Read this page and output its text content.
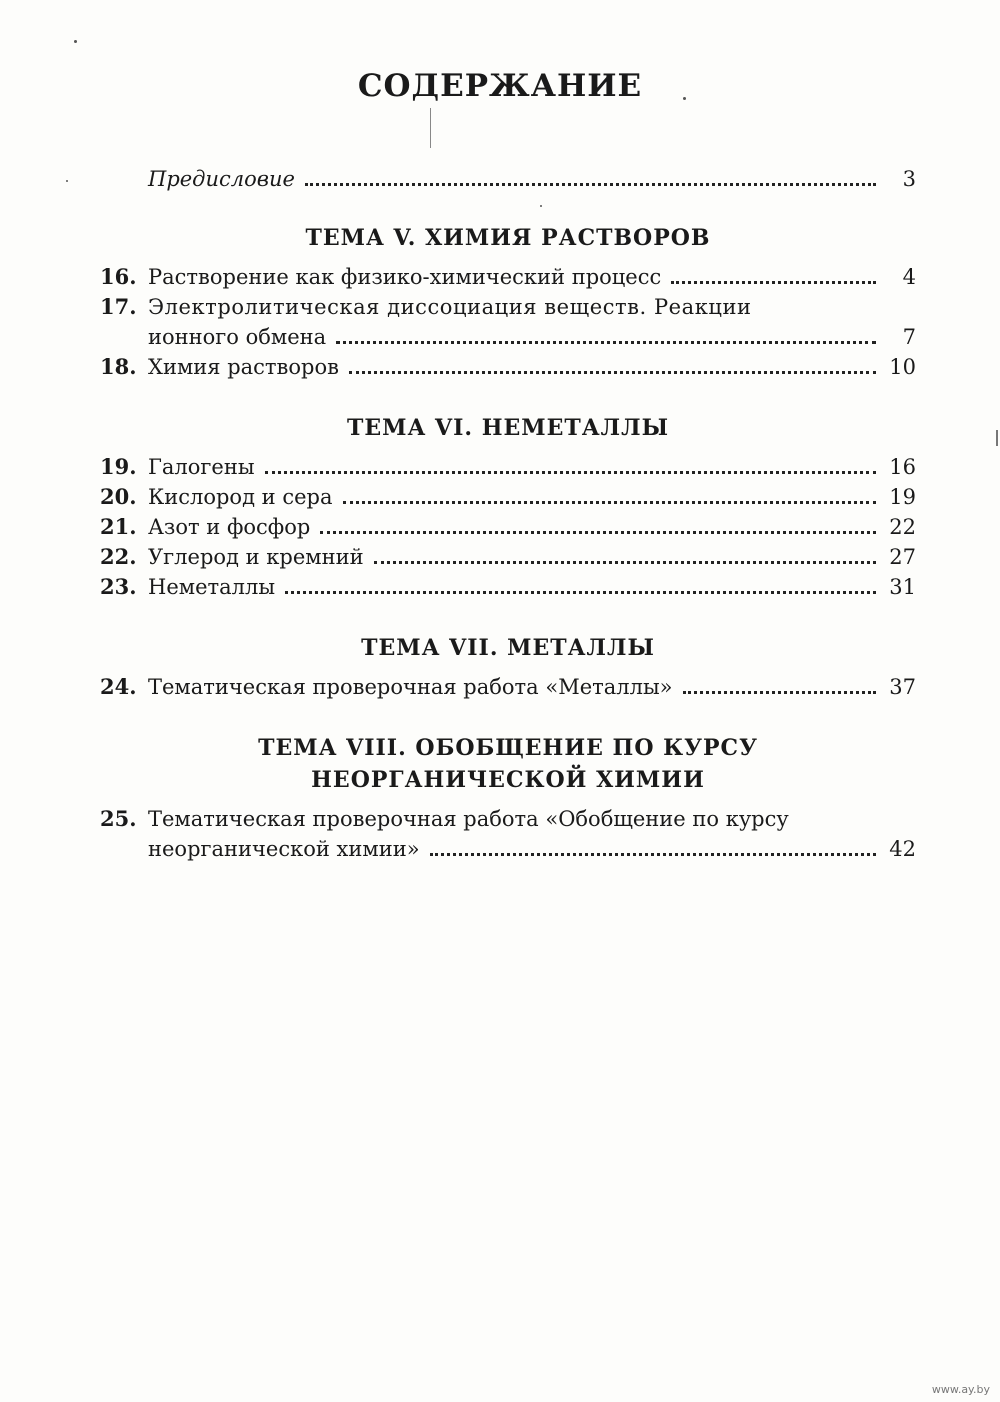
СОДЕРЖАНИЕ
Предисловие	3
ТЕМА V. ХИМИЯ РАСТВОРОВ
16. Растворение как физико-химический процесс	4
17. Электролитическая диссоциация веществ. Реакции
ионного обмена	7
18. Химия растворов	10
ТЕМА VI. НЕМЕТАЛЛЫ
19. Галогены	16
20. Кислород и сера	19
21. Азот и фосфор	22
22. Углерод и кремний	27
23. Неметаллы	31
ТЕМА VII. МЕТАЛЛЫ
24. Тематическая проверочная работа «Металлы»	37
ТЕМА VIII. ОБОБЩЕНИЕ ПО КУРСУ
НЕОРГАНИЧЕСКОЙ ХИМИИ
25. Тематическая проверочная работа «Обобщение по курсу
неорганической химии»	42
www.ay.by
